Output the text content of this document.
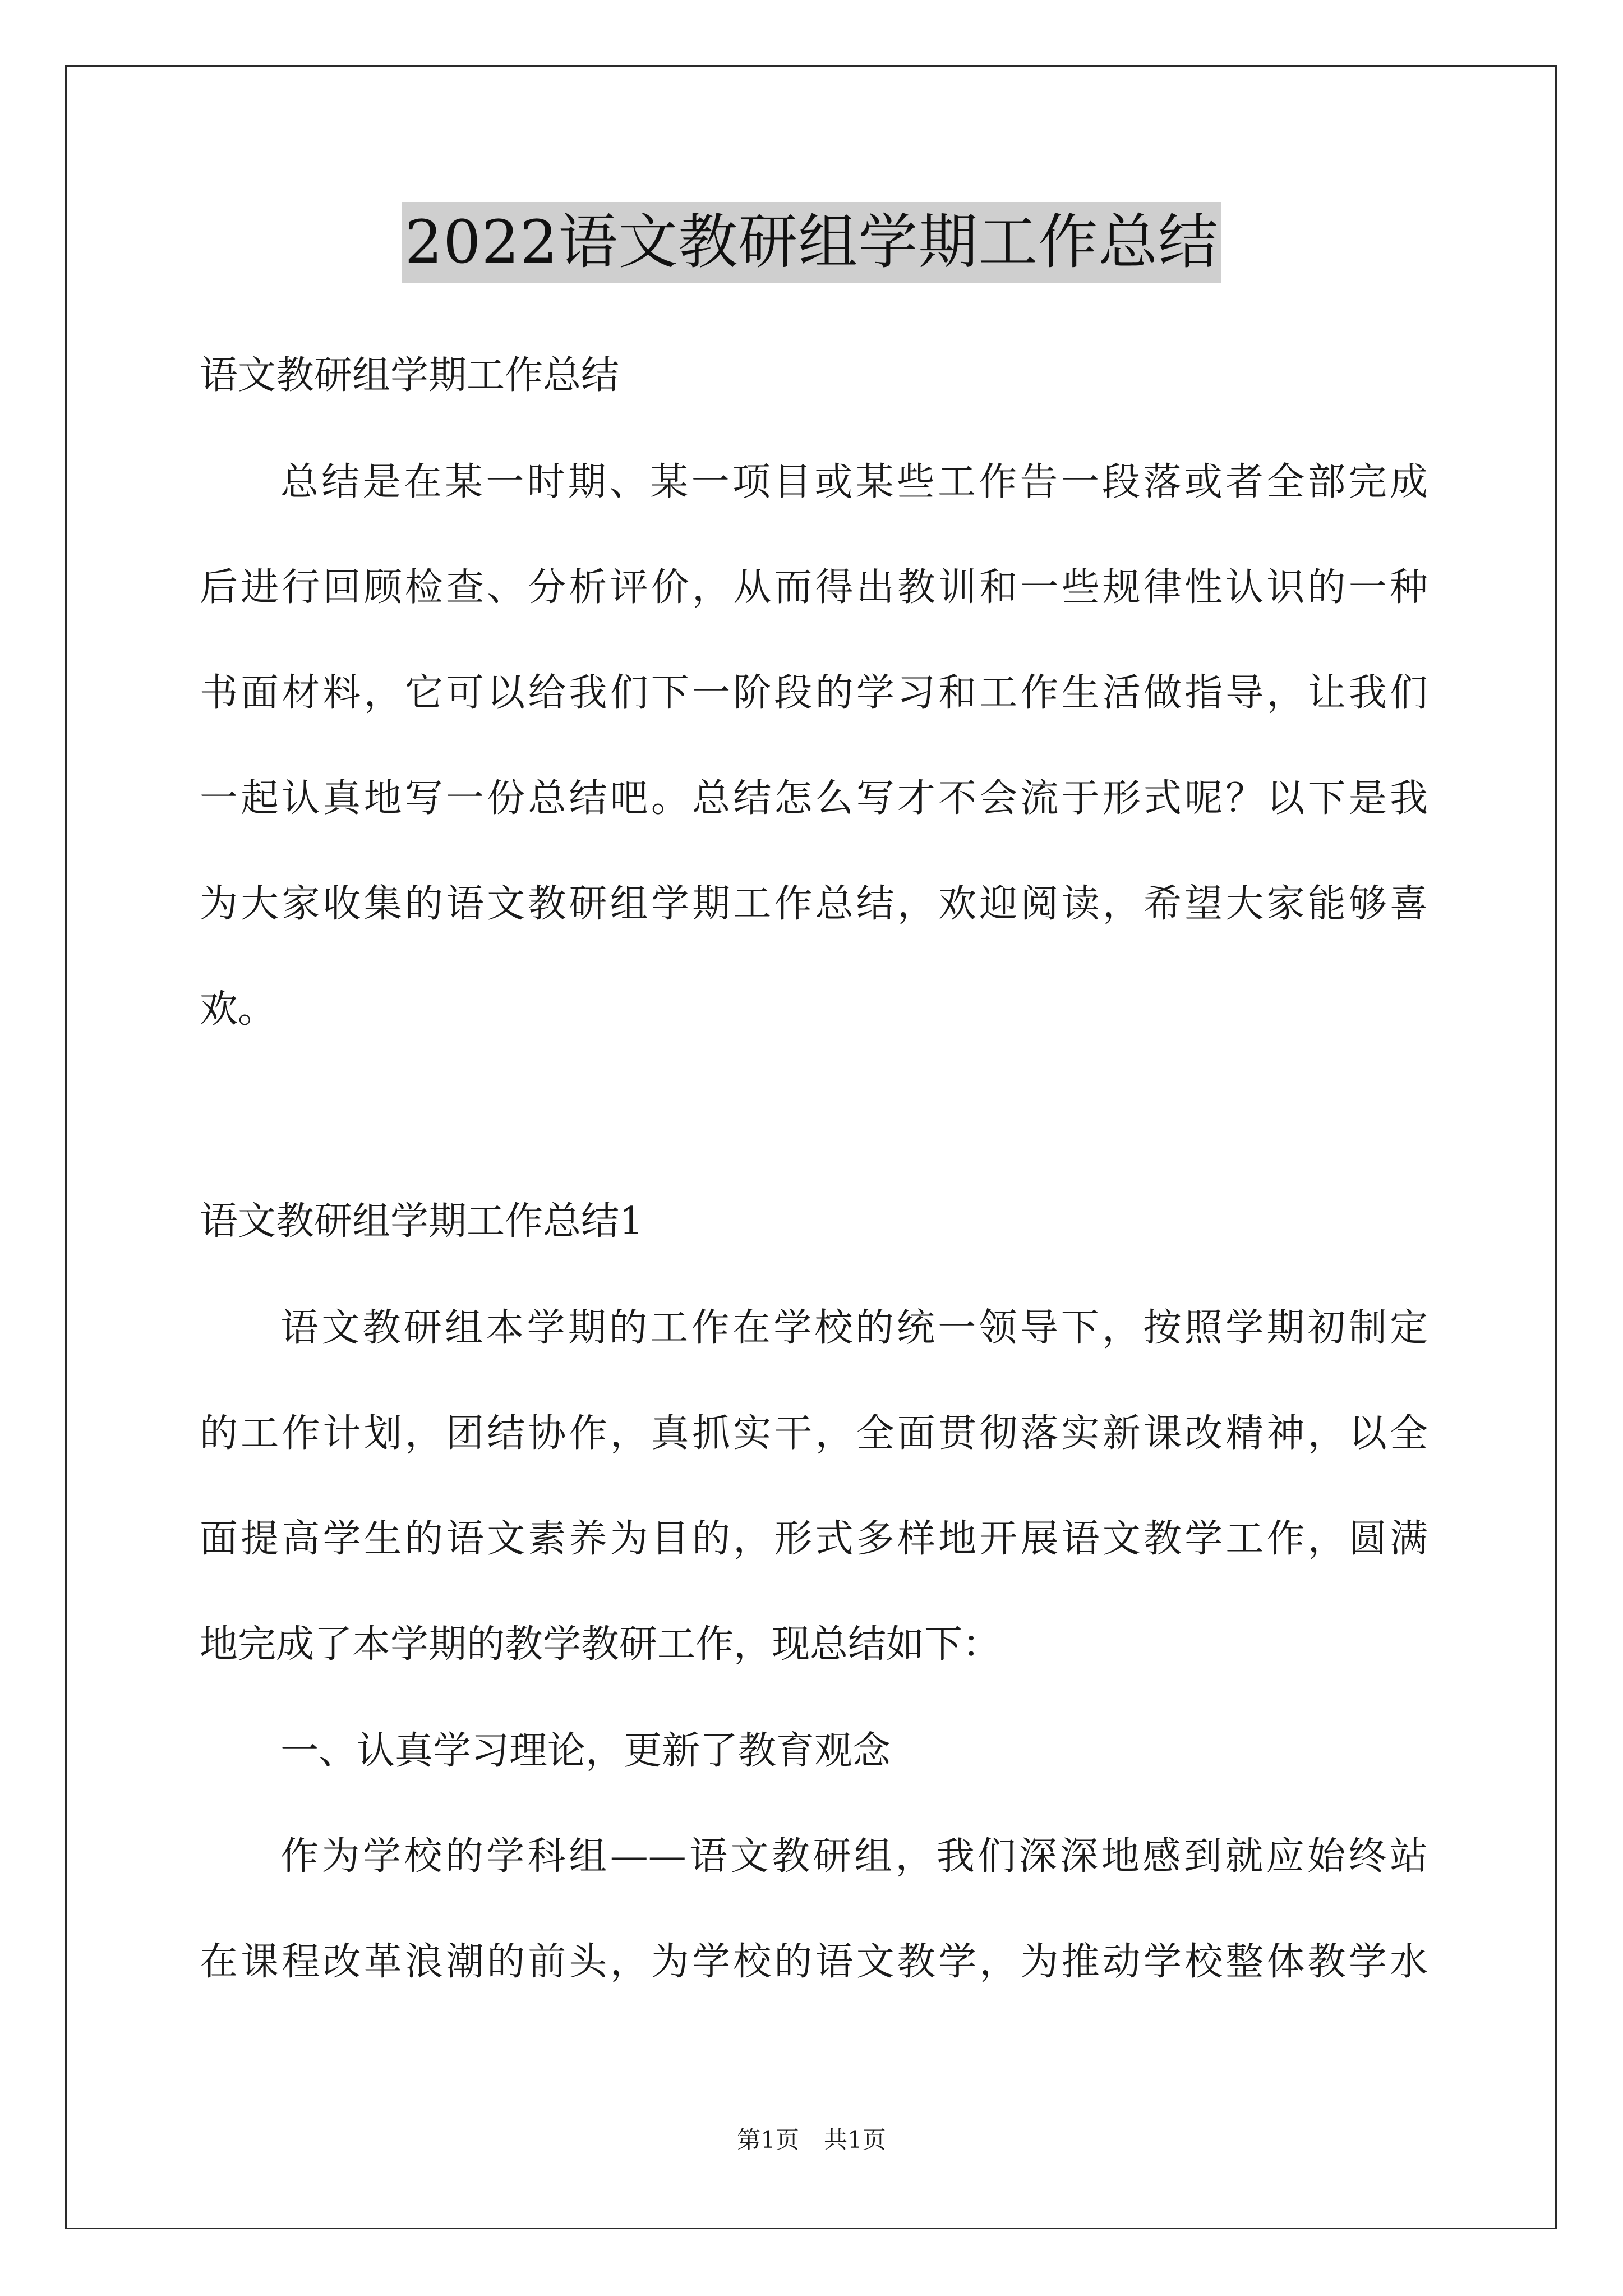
2022语文教研组学期工作总结
语文教研组学期工作总结
总结是在某一时期、某一项目或某些工作告一段落或者全部完成
后进行回顾检查、分析评价，从而得出教训和一些规律性认识的一种
书面材料，它可以给我们下一阶段的学习和工作生活做指导，让我们
一起认真地写一份总结吧。总结怎么写才不会流于形式呢？以下是我
为大家收集的语文教研组学期工作总结，欢迎阅读，希望大家能够喜
欢。
语文教研组学期工作总结1
语文教研组本学期的工作在学校的统一领导下，按照学期初制定
的工作计划，团结协作，真抓实干，全面贯彻落实新课改精神，以全
面提高学生的语文素养为目的，形式多样地开展语文教学工作，圆满
地完成了本学期的教学教研工作，现总结如下：
一、认真学习理论，更新了教育观念
作为学校的学科组——语文教研组，我们深深地感到就应始终站
在课程改革浪潮的前头，为学校的语文教学，为推动学校整体教学水
第1页 共1页
